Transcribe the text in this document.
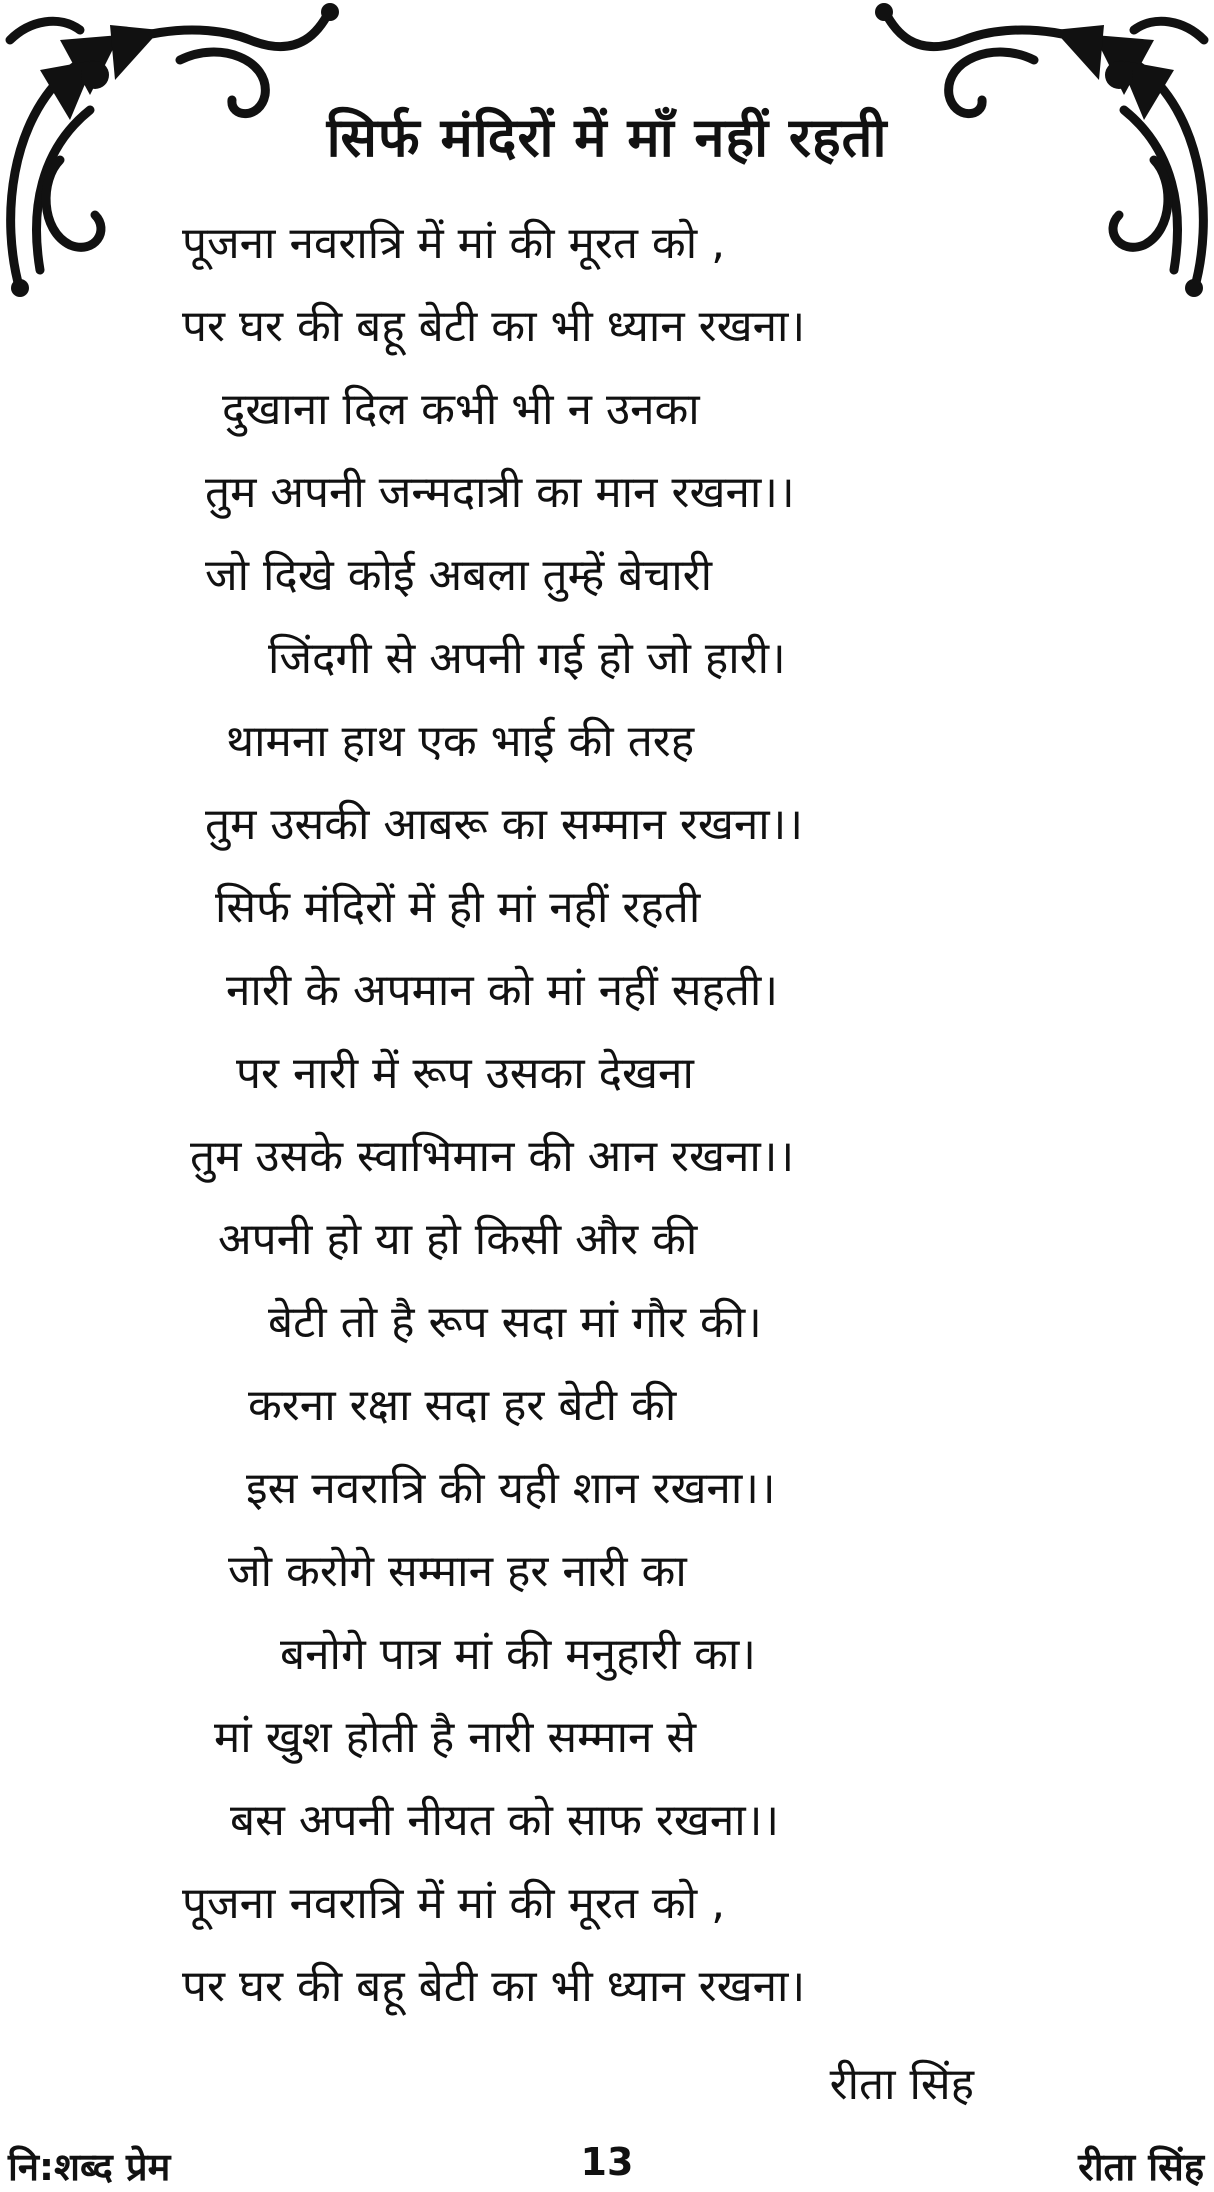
सिर्फ मंदिरों में माँ नहीं रहती
पूजना नवरात्रि में मां की मूरत को ,
पर घर की बहू बेटी का भी ध्यान रखना।
दुखाना दिल कभी भी न उनका
तुम अपनी जन्मदात्री का मान रखना।।
जो दिखे कोई अबला तुम्हें बेचारी
जिंदगी से अपनी गई हो जो हारी।
थामना हाथ एक भाई की तरह
तुम उसकी आबरू का सम्मान रखना।।
सिर्फ मंदिरों में ही मां नहीं रहती
नारी के अपमान को मां नहीं सहती।
पर नारी में रूप उसका देखना
तुम उसके स्वाभिमान की आन रखना।।
अपनी हो या हो किसी और की
बेटी तो है रूप सदा मां गौर की।
करना रक्षा सदा हर बेटी की
इस नवरात्रि की यही शान रखना।।
जो करोगे सम्मान हर नारी का
बनोगे पात्र मां की मनुहारी का।
मां खुश होती है नारी सम्मान से
बस अपनी नीयत को साफ रखना।।
पूजना नवरात्रि में मां की मूरत को ,
पर घर की बहू बेटी का भी ध्यान रखना।
रीता सिंह
नि:शब्द प्रेम	13	रीता सिंह
